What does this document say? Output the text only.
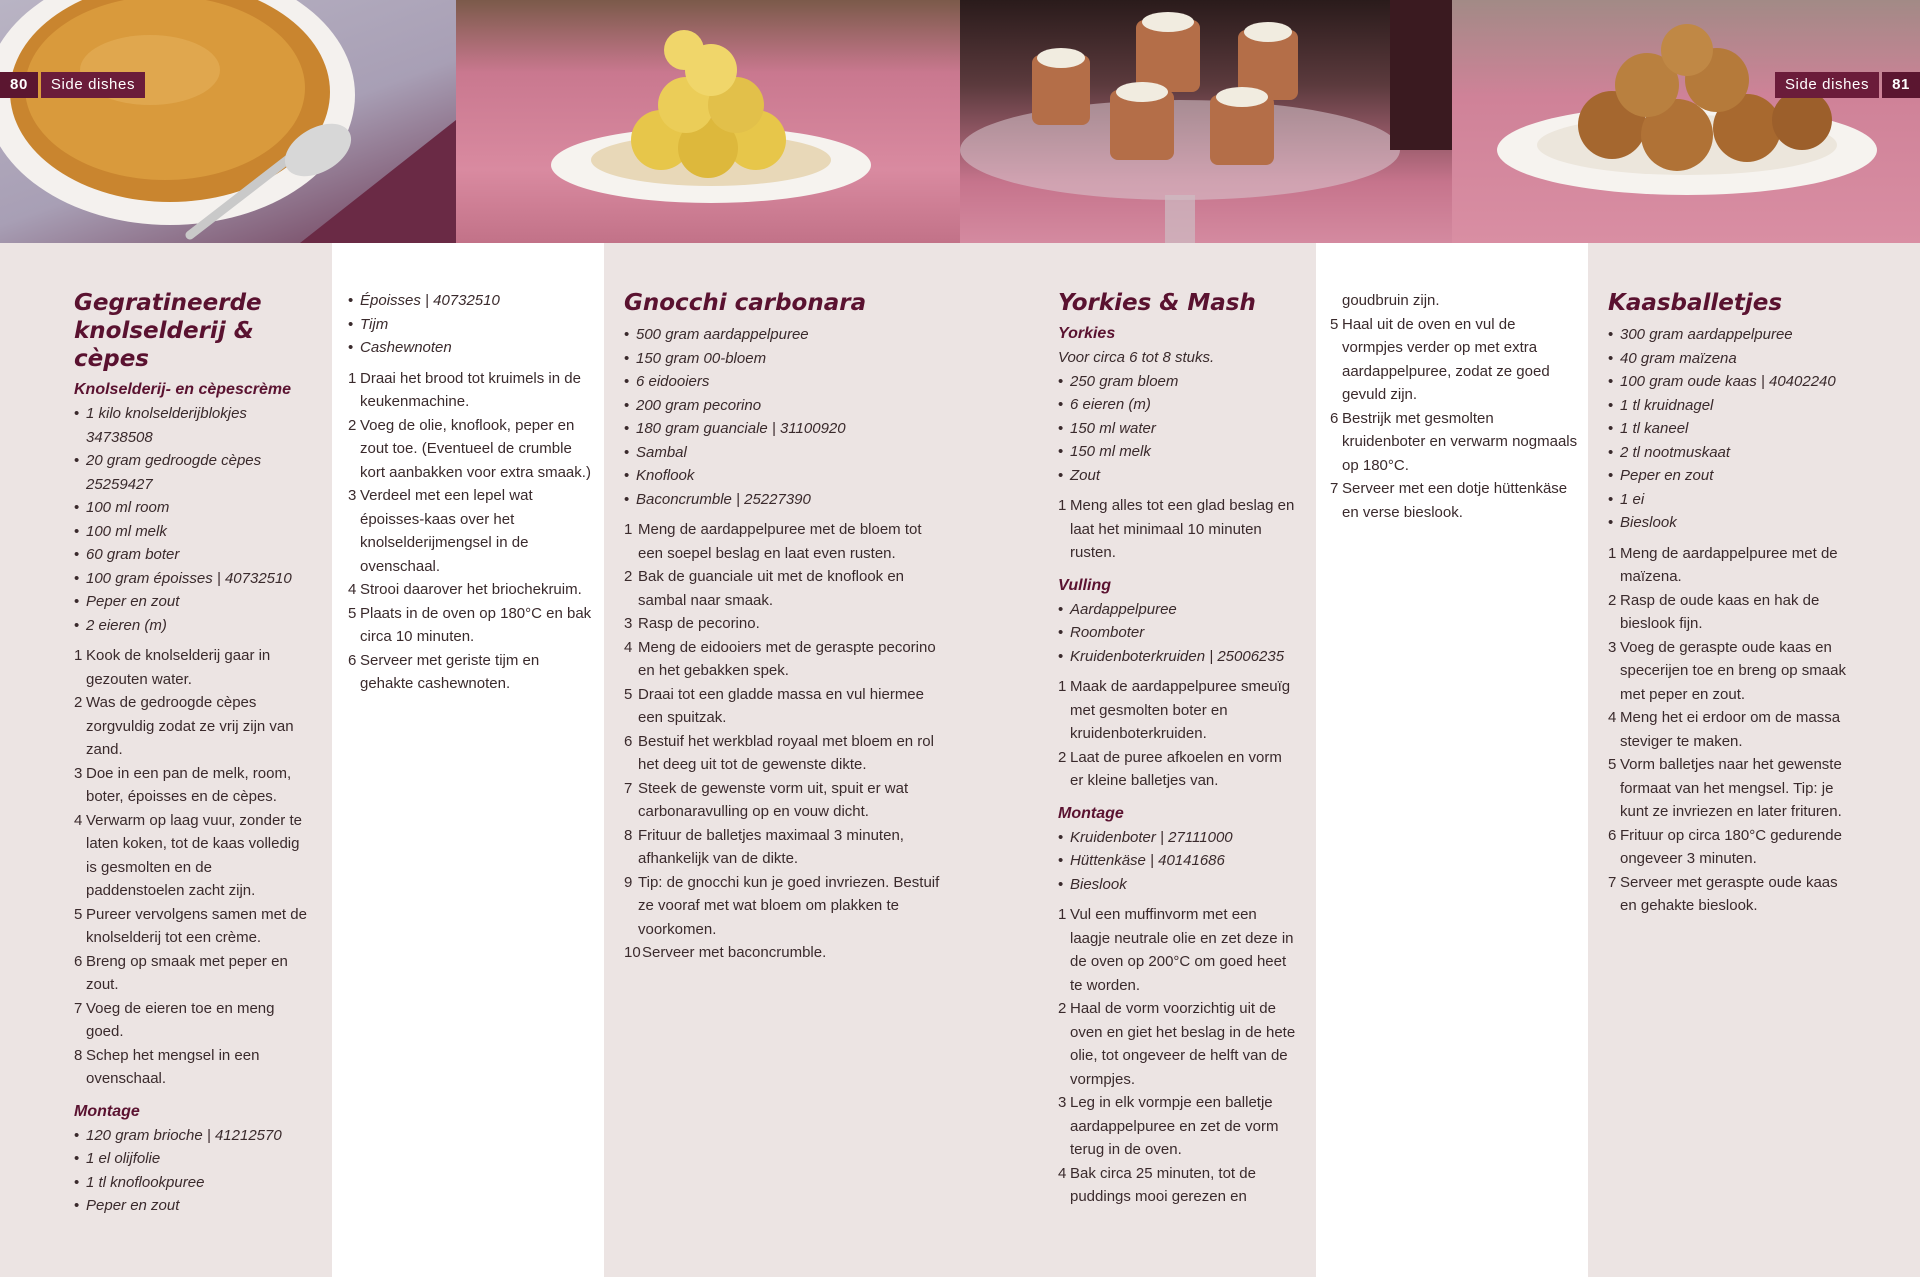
80	Side dishes	Side dishes	81
Gegratineerde knolselderij & cèpes
Knolselderij- en cèpescrème
• 1 kilo knolselderijblokjes 34738508
• 20 gram gedroogde cèpes 25259427
• 100 ml room
• 100 ml melk
• 60 gram boter
• 100 gram époisses | 40732510
• Peper en zout
• 2 eieren (m)
1 Kook de knolselderij gaar in gezouten water.
2 Was de gedroogde cèpes zorgvuldig zodat ze vrij zijn van zand.
3 Doe in een pan de melk, room, boter, époisses en de cèpes.
4 Verwarm op laag vuur, zonder te laten koken, tot de kaas volledig is gesmolten en de paddenstoelen zacht zijn.
5 Pureer vervolgens samen met de knolselderij tot een crème.
6 Breng op smaak met peper en zout.
7 Voeg de eieren toe en meng goed.
8 Schep het mengsel in een ovenschaal.
Montage
• 120 gram brioche | 41212570
• 1 el olijfolie
• 1 tl knoflookpuree
• Peper en zout
• Époisses | 40732510
• Tijm
• Cashewnoten
1 Draai het brood tot kruimels in de keukenmachine.
2 Voeg de olie, knoflook, peper en zout toe. (Eventueel de crumble kort aanbakken voor extra smaak.)
3 Verdeel met een lepel wat époisses-kaas over het knolselderijmengsel in de ovenschaal.
4 Strooi daarover het briochekruim.
5 Plaats in de oven op 180°C en bak circa 10 minuten.
6 Serveer met geriste tijm en gehakte cashewnoten.
Gnocchi carbonara
• 500 gram aardappelpuree
• 150 gram 00-bloem
• 6 eidooiers
• 200 gram pecorino
• 180 gram guanciale | 31100920
• Sambal
• Knoflook
• Baconcrumble | 25227390
1 Meng de aardappelpuree met de bloem tot een soepel beslag en laat even rusten.
2 Bak de guanciale uit met de knoflook en sambal naar smaak.
3 Rasp de pecorino.
4 Meng de eidooiers met de geraspte pecorino en het gebakken spek.
5 Draai tot een gladde massa en vul hiermee een spuitzak.
6 Bestuif het werkblad royaal met bloem en rol het deeg uit tot de gewenste dikte.
7 Steek de gewenste vorm uit, spuit er wat carbonaravulling op en vouw dicht.
8 Frituur de balletjes maximaal 3 minuten, afhankelijk van de dikte.
9 Tip: de gnocchi kun je goed invriezen. Bestuif ze vooraf met wat bloem om plakken te voorkomen.
10 Serveer met baconcrumble.
Yorkies & Mash
Yorkies

Voor circa 6 tot 8 stuks.

• 250 gram bloem
• 6 eieren (m)
• 150 ml water
• 150 ml melk
• Zout
1 Meng alles tot een glad beslag en laat het minimaal 10 minuten rusten.
Vulling
• Aardappelpuree
• Roomboter
• Kruidenboterkruiden | 25006235
1 Maak de aardappelpuree smeuïg met gesmolten boter en kruidenboterkruiden.
2 Laat de puree afkoelen en vorm er kleine balletjes van.
Montage
• Kruidenboter | 27111000
• Hüttenkäse | 40141686
• Bieslook
1 Vul een muffinvorm met een laagje neutrale olie en zet deze in de oven op 200°C om goed heet te worden.
2 Haal de vorm voorzichtig uit de oven en giet het beslag in de hete olie, tot ongeveer de helft van de vormpjes.
3 Leg in elk vormpje een balletje aardappelpuree en zet de vorm terug in de oven.
4 Bak circa 25 minuten, tot de puddings mooi gerezen en

goudbruin zijn.

5 Haal uit de oven en vul de vormpjes verder op met extra aardappelpuree, zodat ze goed gevuld zijn.
6 Bestrijk met gesmolten kruidenboter en verwarm nogmaals op 180°C.
7 Serveer met een dotje hüttenkäse en verse bieslook.
Kaasballetjes
• 300 gram aardappelpuree
• 40 gram maïzena
• 100 gram oude kaas | 40402240
• 1 tl kruidnagel
• 1 tl kaneel
• 2 tl nootmuskaat
• Peper en zout
• 1 ei
• Bieslook
1 Meng de aardappelpuree met de maïzena.
2 Rasp de oude kaas en hak de bieslook fijn.
3 Voeg de geraspte oude kaas en specerijen toe en breng op smaak met peper en zout.
4 Meng het ei erdoor om de massa steviger te maken.
5 Vorm balletjes naar het gewenste formaat van het mengsel. Tip: je kunt ze invriezen en later frituren.
6 Frituur op circa 180°C gedurende ongeveer 3 minuten.
7 Serveer met geraspte oude kaas en gehakte bieslook.
